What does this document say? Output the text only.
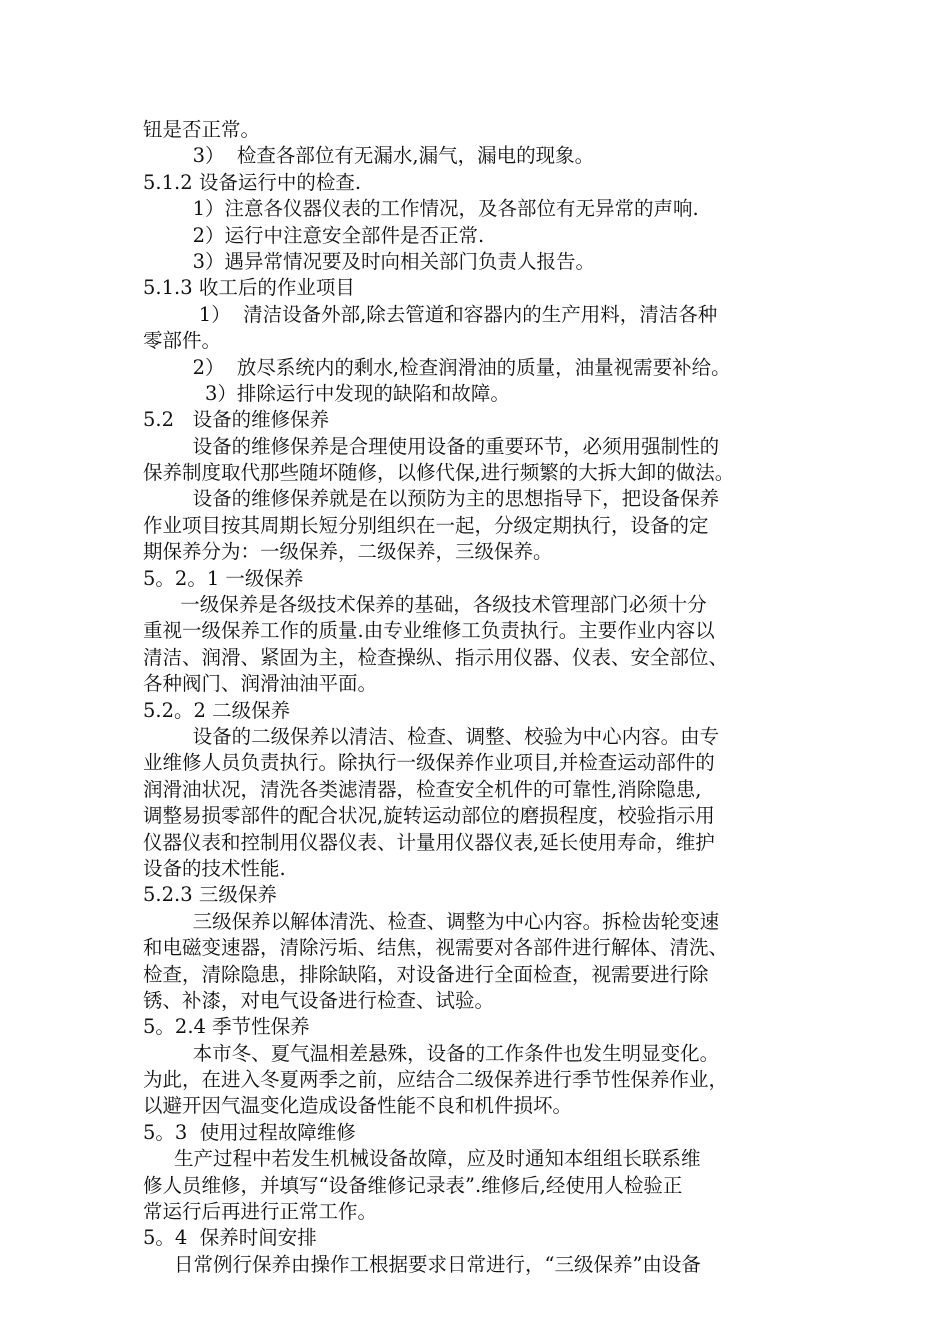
钮是否正常。
3）  检查各部位有无漏水,漏气，漏电的现象。
5.1.2 设备运行中的检查.
1）注意各仪器仪表的工作情况，及各部位有无异常的声响.
2）运行中注意安全部件是否正常.
3）遇异常情况要及时向相关部门负责人报告。
5.1.3 收工后的作业项目
1）  清洁设备外部,除去管道和容器内的生产用料，清洁各种
零部件。
2）  放尽系统内的剩水,检查润滑油的质量，油量视需要补给。
3）排除运行中发现的缺陷和故障。
5.2   设备的维修保养
设备的维修保养是合理使用设备的重要环节，必须用强制性的
保养制度取代那些随坏随修，以修代保,进行频繁的大拆大卸的做法。
设备的维修保养就是在以预防为主的思想指导下，把设备保养
作业项目按其周期长短分别组织在一起，分级定期执行，设备的定
期保养分为：一级保养，二级保养，三级保养。
5。2。1 一级保养
一级保养是各级技术保养的基础，各级技术管理部门必须十分
重视一级保养工作的质量.由专业维修工负责执行。主要作业内容以
清洁、润滑、紧固为主，检查操纵、指示用仪器、仪表、安全部位、
各种阀门、润滑油油平面。
5.2。2 二级保养
设备的二级保养以清洁、检查、调整、校验为中心内容。由专
业维修人员负责执行。除执行一级保养作业项目,并检查运动部件的
润滑油状况，清洗各类滤清器，检查安全机件的可靠性,消除隐患,
调整易损零部件的配合状况,旋转运动部位的磨损程度，校验指示用
仪器仪表和控制用仪器仪表、计量用仪器仪表,延长使用寿命，维护
设备的技术性能.
5.2.3 三级保养
三级保养以解体清洗、检查、调整为中心内容。拆检齿轮变速
和电磁变速器，清除污垢、结焦，视需要对各部件进行解体、清洗、
检查，清除隐患，排除缺陷，对设备进行全面检查，视需要进行除
锈、补漆，对电气设备进行检查、试验。
5。2.4 季节性保养
本市冬、夏气温相差悬殊，设备的工作条件也发生明显变化。
为此，在进入冬夏两季之前，应结合二级保养进行季节性保养作业，
以避开因气温变化造成设备性能不良和机件损坏。
5。3  使用过程故障维修
生产过程中若发生机械设备故障，应及时通知本组组长联系维
修人员维修，并填写“设备维修记录表”.维修后,经使用人检验正
常运行后再进行正常工作。
5。4  保养时间安排
日常例行保养由操作工根据要求日常进行，“三级保养”由设备
